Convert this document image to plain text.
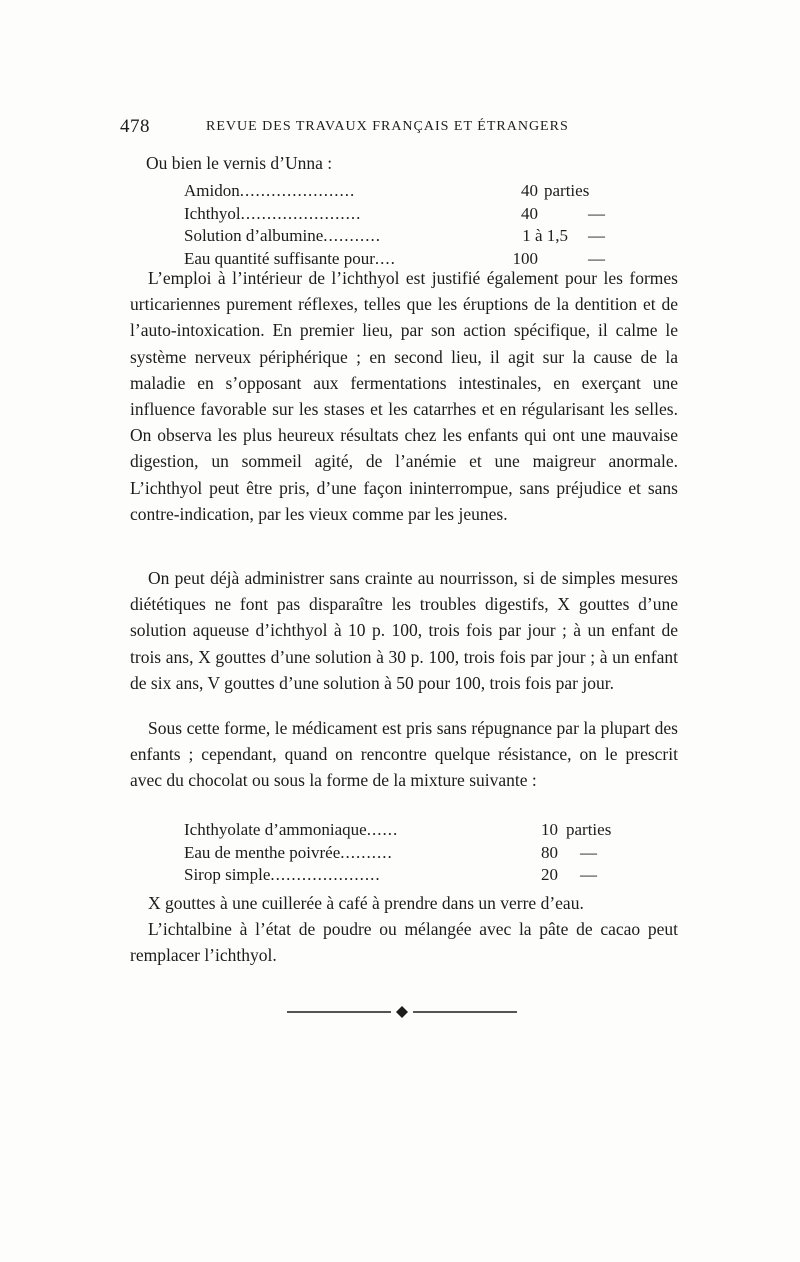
478	REVUE DES TRAVAUX FRANÇAIS ET ÉTRANGERS
Ou bien le vernis d’Unna :
Amidon......................	40 parties
Ichthyol.......................	40	—
Solution d’albumine...........	1 à 1,5 —
Eau quantité suffisante pour....	100	—

L’emploi à l’intérieur de l’ichthyol est justifié également pour les formes urticariennes purement réflexes, telles que les éruptions de la dentition et de l’auto-intoxication. En premier lieu, par son action spécifique, il calme le système nerveux périphérique ; en second lieu, il agit sur la cause de la maladie en s’opposant aux fermentations intestinales, en exerçant une influence favorable sur les stases et les catarrhes et en régularisant les selles. On observa les plus heureux résultats chez les enfants qui ont une mauvaise digestion, un sommeil agité, de l’anémie et une maigreur anormale. L’ichthyol peut être pris, d’une façon ininterrompue, sans préjudice et sans contre-indication, par les vieux comme par les jeunes.

On peut déjà administrer sans crainte au nourrisson, si de simples mesures diététiques ne font pas disparaître les troubles digestifs, X gouttes d’une solution aqueuse d’ichthyol à 10 p. 100, trois fois par jour ; à un enfant de trois ans, X gouttes d’une solution à 30 p. 100, trois fois par jour ; à un enfant de six ans, V gouttes d’une solution à 50 pour 100, trois fois par jour.

Sous cette forme, le médicament est pris sans répugnance par la plupart des enfants ; cependant, quand on rencontre quelque résistance, on le prescrit avec du chocolat ou sous la forme de la mixture suivante :

Ichthyolate d’ammoniaque......	10 parties
Eau de menthe poivrée..........	80 —
Sirop simple.....................	20 —

X gouttes à une cuillerée à café à prendre dans un verre d’eau.

L’ichtalbine à l’état de poudre ou mélangée avec la pâte de cacao peut remplacer l’ichthyol.
